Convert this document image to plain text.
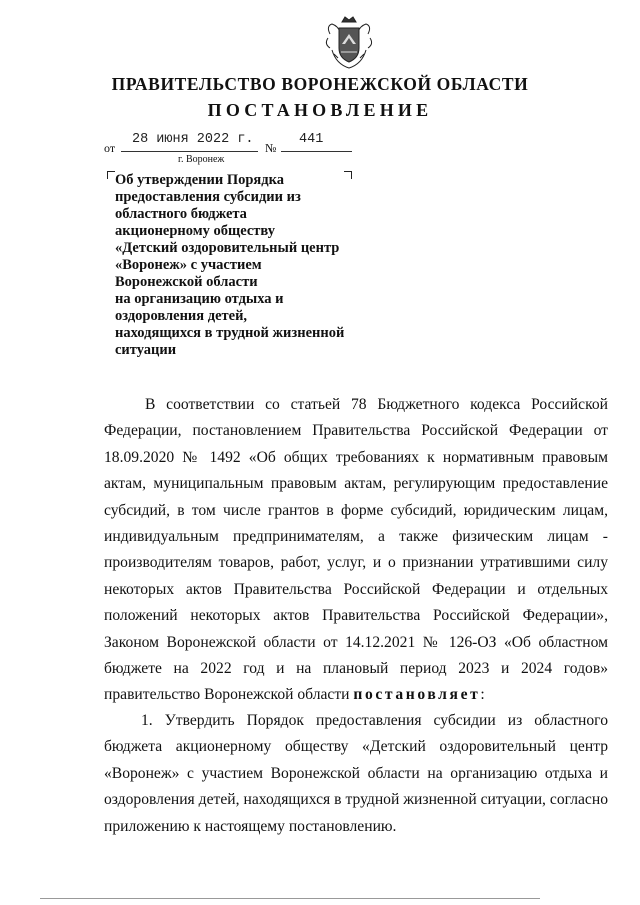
ПРАВИТЕЛЬСТВО ВОРОНЕЖСКОЙ ОБЛАСТИ
ПОСТАНОВЛЕНИЕ
от
28 июня 2022 г.
№
441
г. Воронеж
Об утверждении Порядка
предоставления субсидии из
областного бюджета
акционерному обществу
«Детский оздоровительный центр
«Воронеж» с участием
Воронежской области
на организацию отдыха и
оздоровления детей,
находящихся в трудной жизненной
ситуации
В соответствии со статьей 78 Бюджетного кодекса Российской Федерации, постановлением Правительства Российской Федерации от 18.09.2020 № 1492 «Об общих требованиях к нормативным правовым актам, муниципальным правовым актам, регулирующим предоставление субсидий, в том числе грантов в форме субсидий, юридическим лицам, индивидуальным предпринимателям, а также физическим лицам - производителям товаров, работ, услуг, и о признании утратившими силу некоторых актов Правительства Российской Федерации и отдельных положений некоторых актов Правительства Российской Федерации», Законом Воронежской области от 14.12.2021 № 126-ОЗ «Об областном бюджете на 2022 год и на плановый период 2023 и 2024 годов» правительство Воронежской области постановляет:
1. Утвердить Порядок предоставления субсидии из областного бюджета акционерному обществу «Детский оздоровительный центр «Воронеж» с участием Воронежской области на организацию отдыха и оздоровления детей, находящихся в трудной жизненной ситуации, согласно приложению к настоящему постановлению.
